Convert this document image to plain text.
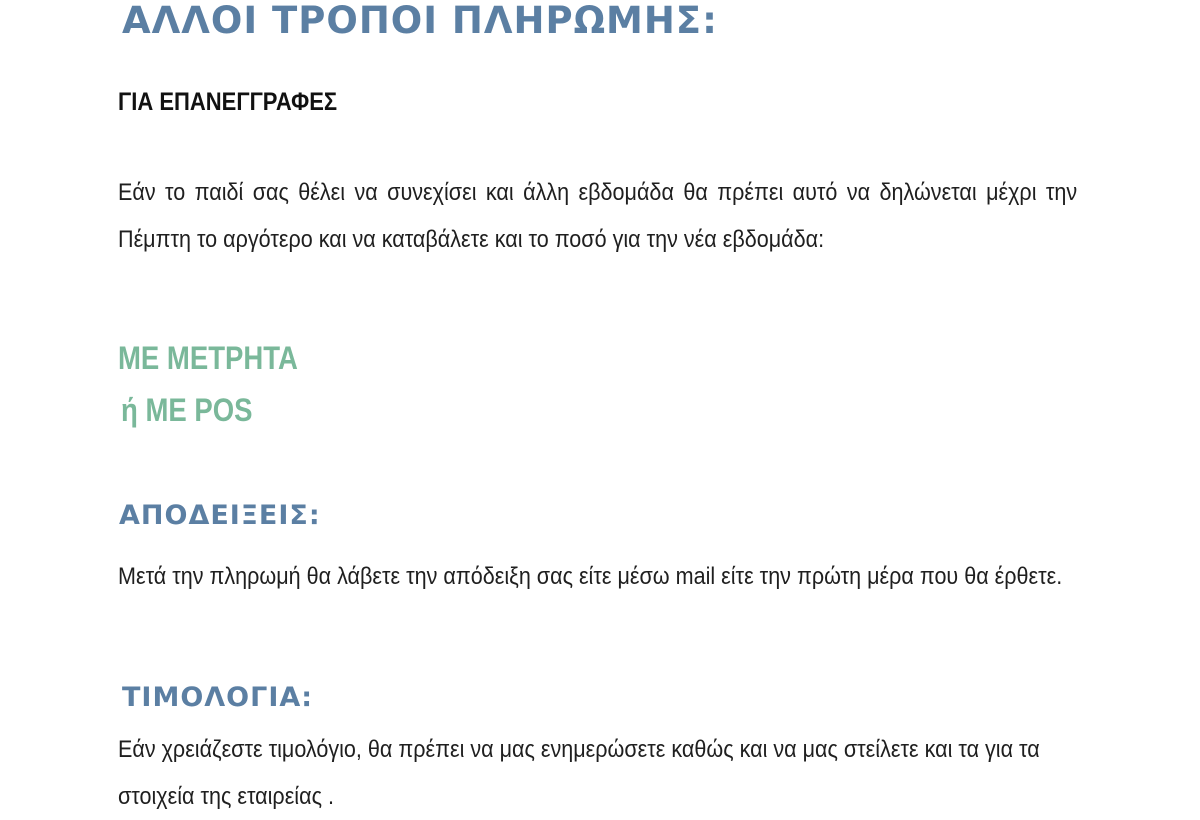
ΑΛΛΟΙ ΤΡΟΠΟΙ ΠΛΗΡΩΜΗΣ:
ΓΙΑ ΕΠΑΝΕΓΓΡΑΦΕΣ

Εάν το παιδί σας θέλει να συνεχίσει και άλλη εβδομάδα θα πρέπει αυτό να δηλώνεται μέχρι την Πέμπτη το αργότερο και να καταβάλετε και το ποσό για την νέα εβδομάδα:

ΜΕ ΜΕΤΡΗΤΑ
ή ΜΕ POS
ΑΠΟΔΕΙΞΕΙΣ:

Μετά την πληρωμή θα λάβετε την απόδειξη σας είτε μέσω mail είτε την πρώτη μέρα που θα έρθετε.

ΤΙΜΟΛΟΓΙΑ:

Εάν χρειάζεστε τιμολόγιο, θα πρέπει να μας ενημερώσετε καθώς και να μας στείλετε και τα για τα στοιχεία της εταιρείας .
